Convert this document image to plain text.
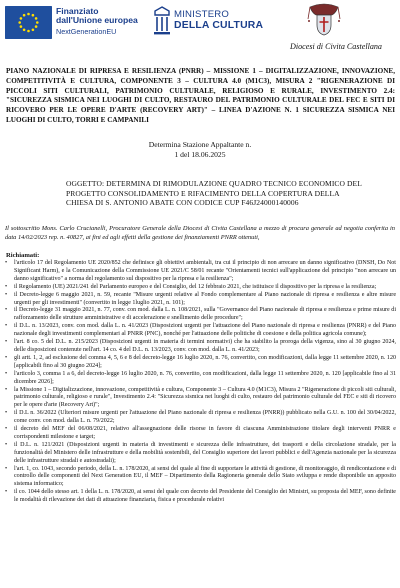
Finanziato
dall'Unione europea
NextGenerationEU
MINISTERO
DELLA CULTURA
Diocesi di Civita Castellana
PIANO NAZIONALE DI RIPRESA E RESILIENZA (PNRR) – MISSIONE 1 – DIGITALIZZAZIONE, INNOVAZIONE, COMPETITIVITÀ E CULTURA, COMPONENTE 3 – CULTURA 4.0 (M1C3), MISURA 2 "RIGENERAZIONE DI PICCOLI SITI CULTURALI, PATRIMONIO CULTURALE, RELIGIOSO E RURALE, INVESTIMENTO 2.4: "SICUREZZA SISMICA NEI LUOGHI DI CULTO, RESTAURO DEL PATRIMONIO CULTURALE DEL FEC E SITI DI RICOVERO PER LE OPERE D'ARTE (RECOVERY ART)" – LINEA D'AZIONE N. 1 SICUREZZA SISMICA NEI LUOGHI DI CULTO, TORRI E CAMPANILI
Determina Stazione Appaltante n.
1 del 18.06.2025
OGGETTO: DETERMINA DI RIMODULAZIONE QUADRO TECNICO ECONOMICO DEL PROGETTO CONSOLIDAMENTO E RIFACIMENTO DELLA COPERTURA DELLA CHIESA DI S. ANTONIO ABATE CON CODICE CUP F46J24000140006
Il sottoscritto Mons. Carlo Crucianelli, Procuratore Generale della Diocesi di Civita Castellana a mezzo di procura generale ad negotia conferita in data 14/02/2023 rep. n. 40827, ai fini ed agli effetti della gestione dei finanziamenti PNRR ottenuti,
Richiamati:
• l'articolo 17 del Regolamento UE 2020/852 che definisce gli obiettivi ambientali, tra cui il principio di non arrecare un danno significativo (DNSH, Do Not Significant Harm), e la Comunicazione della Commissione UE 2021/C 58/01 recante "Orientamenti tecnici sull'applicazione del principio "non arrecare un danno significativo" a norma del regolamento sul dispositivo per la ripresa e la resilienza";
• il Regolamento (UE) 2021/241 del Parlamento europeo e del Consiglio, del 12 febbraio 2021, che istituisce il dispositivo per la ripresa e la resilienza;
• il Decreto-legge 6 maggio 2021, n. 59, recante "Misure urgenti relative al Fondo complementare al Piano nazionale di ripresa e resilienza e altre misure urgenti per gli investimenti" (convertito in legge 1luglio 2021, n. 101);
• il Decreto-legge 31 maggio 2021, n. 77, conv. con mod. dalla L. n. 108/2021, sulla "Governance del Piano nazionale di ripresa e resilienza e prime misure di rafforzamento delle strutture amministrative e di accelerazione e snellimento delle procedure";
• il D.L. n. 13/2023, conv. con mod. dalla L. n. 41/2023 (Disposizioni urgenti per l'attuazione del Piano nazionale di ripresa e resilienza (PNRR) e del Piano nazionale degli investimenti complementari al PNRR (PNC), nonché per l'attuazione delle politiche di coesione e della politica agricola comune);
• l'art. 8 co. 5 del D.L. n. 215/2023 (Disposizioni urgenti in materia di termini normativi) che ha stabilito la proroga della vigenza, sino al 30 giugno 2024, delle disposizioni contenute nell'art. 14 co. 4 del D.L. n. 13/2023, conv. con mod. dalla L. n. 41/2023;
• gli artt. 1, 2, ad esclusione del comma 4, 5, 6 e 8 del decreto-legge 16 luglio 2020, n. 76, convertito, con modificazioni, dalla legge 11 settembre 2020, n. 120 [applicabili fino al 30 giugno 2024];
• l'articolo 3, comma 1 a 6, del decreto-legge 16 luglio 2020, n. 76, convertito, con modificazioni, dalla legge 11 settembre 2020, n. 120 [applicabile fino al 31 dicembre 2026];
• la Missione 1 – Digitalizzazione, innovazione, competitività e cultura, Componente 3 – Cultura 4.0 (M1C3), Misura 2 "Rigenerazione di piccoli siti culturali, patrimonio culturale, religioso e rurale", Investimento 2.4: "Sicurezza sismica nei luoghi di culto, restauro del patrimonio culturale del FEC e siti di ricovero per le opere d'arte (Recovery Art)";
• il D.L n. 36/2022 (Ulteriori misure urgenti per l'attuazione del Piano nazionale di ripresa e resilienza (PNRR)) pubblicato nella G.U. n. 100 del 30/04/2022, come conv. con mod. dalla L. n. 79/2022;
• il decreto del MEF del 06/08/2021, relativo all'assegnazione delle risorse in favore di ciascuna Amministrazione titolare degli interventi PNRR e corrispondenti milestone e target;
• il D.L. n. 121/2021 (Disposizioni urgenti in materia di investimenti e sicurezza delle infrastrutture, dei trasporti e della circolazione stradale, per la funzionalità del Ministero delle infrastrutture e della mobilità sostenibili, del Consiglio superiore dei lavori pubblici e dell'Agenzia nazionale per la sicurezza delle infrastrutture stradali e autostradali);
• l'art. 1, co. 1043, secondo periodo, della L. n. 178/2020, ai sensi del quale al fine di supportare le attività di gestione, di monitoraggio, di rendicontazione e di controllo delle componenti del Next Generation EU, il MEF – Dipartimento della Ragioneria generale dello Stato sviluppa e rende disponibile un apposito sistema informatico;
• il co. 1044 dello stesso art. 1 della L. n. 178/2020, ai sensi del quale con decreto del Presidente del Consiglio dei Ministri, su proposta del MEF, sono definite le modalità di rilevazione dei dati di attuazione finanziaria, fisica e procedurale relativi
